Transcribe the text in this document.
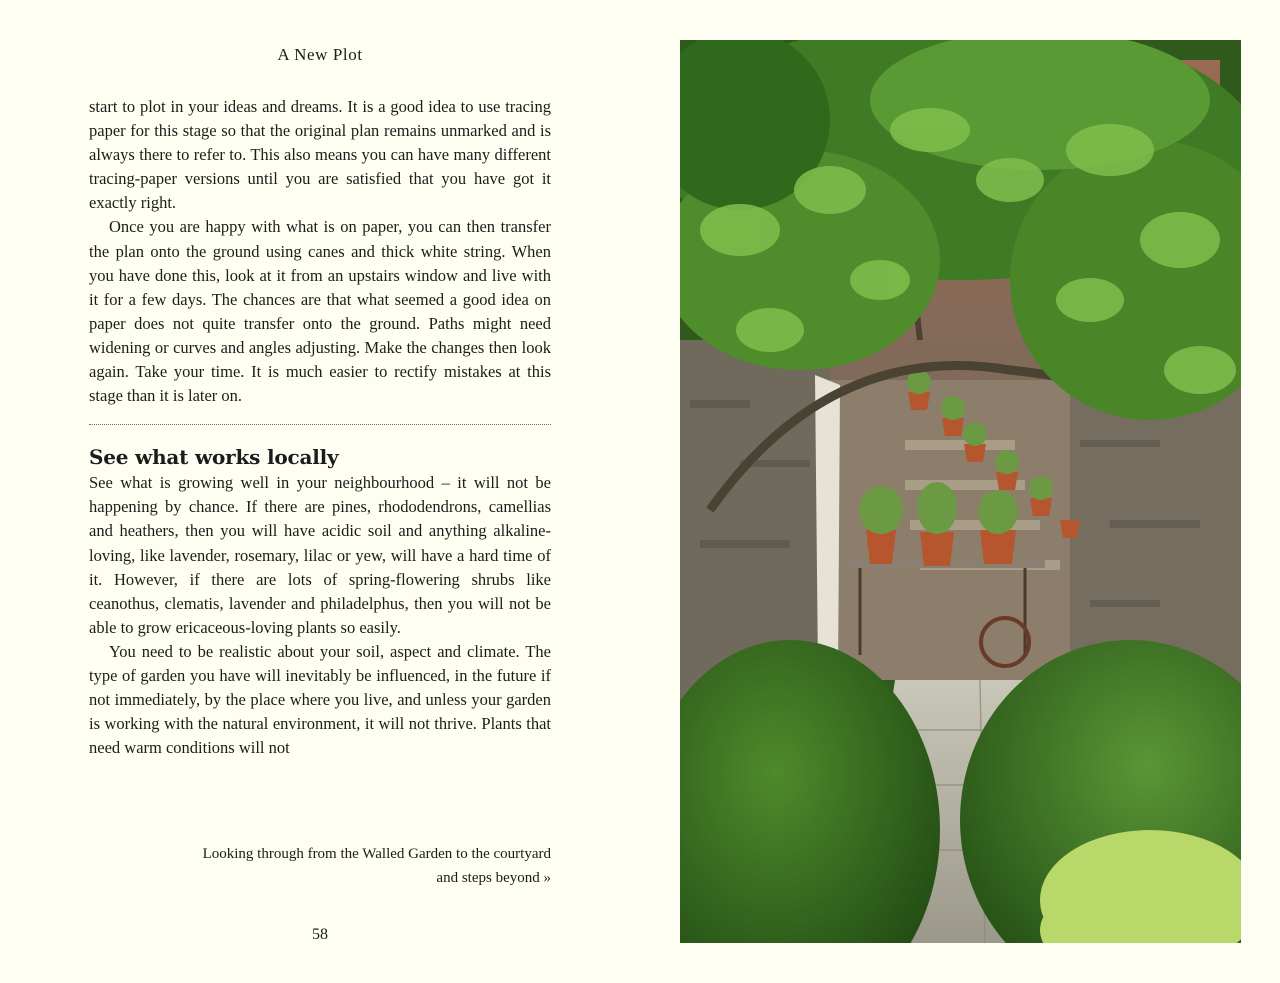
A New Plot

start to plot in your ideas and dreams. It is a good idea to use tracing paper for this stage so that the original plan remains unmarked and is always there to refer to. This also means you can have many different tracing-paper versions until you are satisfied that you have got it exactly right.

Once you are happy with what is on paper, you can then transfer the plan onto the ground using canes and thick white string. When you have done this, look at it from an upstairs window and live with it for a few days. The chances are that what seemed a good idea on paper does not quite transfer onto the ground. Paths might need widening or curves and angles adjusting. Make the changes then look again. Take your time. It is much easier to rectify mistakes at this stage than it is later on.

See what works locally

See what is growing well in your neighbourhood – it will not be happening by chance. If there are pines, rhododendrons, camellias and heathers, then you will have acidic soil and anything alkaline-loving, like lavender, rosemary, lilac or yew, will have a hard time of it. However, if there are lots of spring-flowering shrubs like ceanothus, clematis, lavender and philadelphus, then you will not be able to grow ericaceous-loving plants so easily.

You need to be realistic about your soil, aspect and climate. The type of garden you have will inevitably be influenced, in the future if not immediately, by the place where you live, and unless your garden is working with the natural environment, it will not thrive. Plants that need warm conditions will not

Looking through from the Walled Garden to the courtyard
and steps beyond »
58
